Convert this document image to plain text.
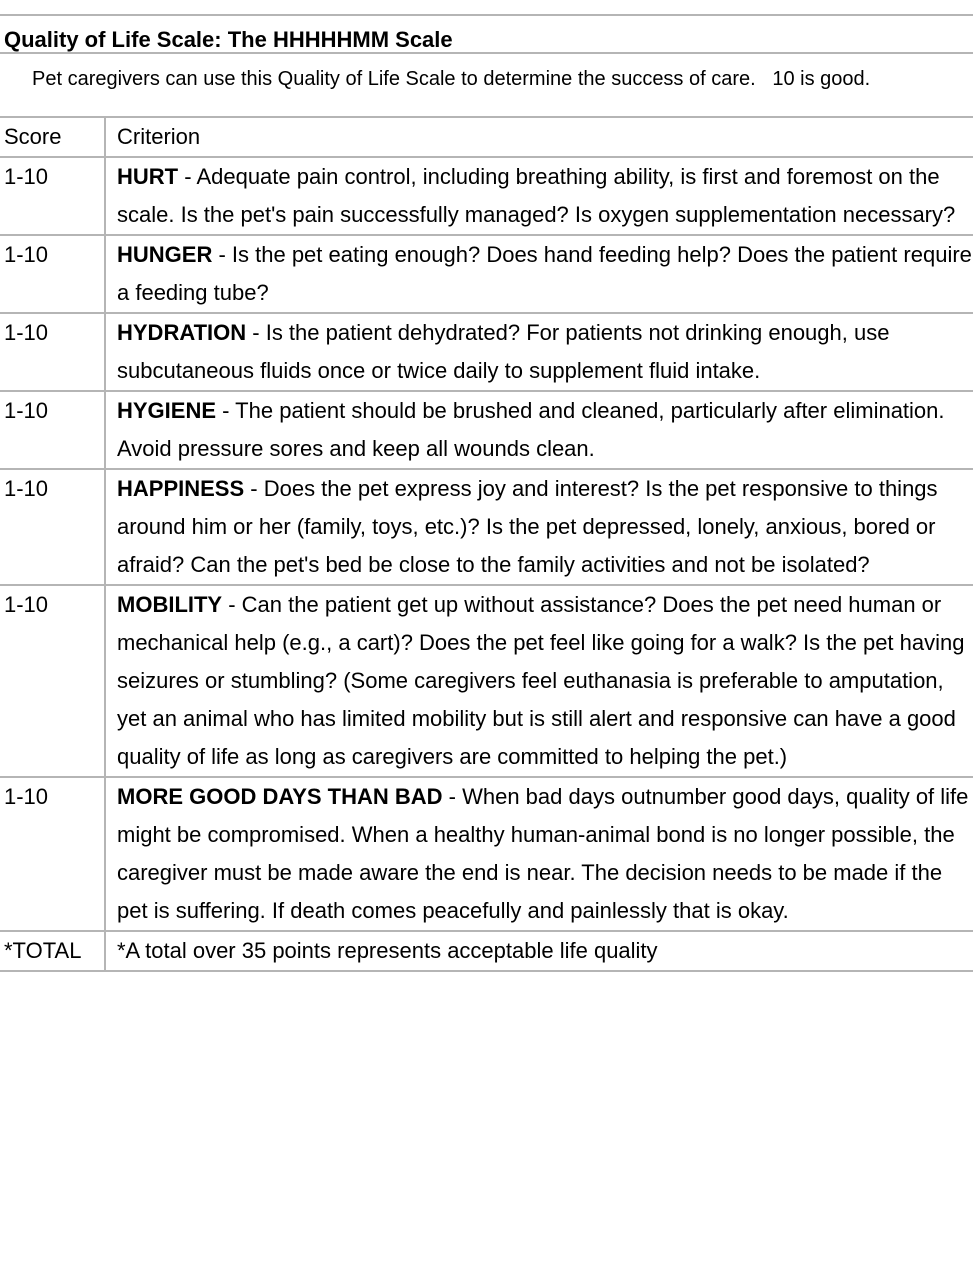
Quality of Life Scale: The HHHHHMM Scale
Pet caregivers can use this Quality of Life Scale to determine the success of care.   10 is good.
Score	Criterion
1-10	HURT - Adequate pain control, including breathing ability, is first and foremost on the scale. Is the pet's pain successfully managed? Is oxygen supplementation necessary?
1-10	HUNGER - Is the pet eating enough? Does hand feeding help? Does the patient require a feeding tube?
1-10	HYDRATION - Is the patient dehydrated? For patients not drinking enough, use subcutaneous fluids once or twice daily to supplement fluid intake.
1-10	HYGIENE - The patient should be brushed and cleaned, particularly after elimination. Avoid pressure sores and keep all wounds clean.
1-10	HAPPINESS - Does the pet express joy and interest? Is the pet responsive to things around him or her (family, toys, etc.)? Is the pet depressed, lonely, anxious, bored or afraid? Can the pet's bed be close to the family activities and not be isolated?
1-10	MOBILITY - Can the patient get up without assistance? Does the pet need human or mechanical help (e.g., a cart)? Does the pet feel like going for a walk? Is the pet having seizures or stumbling? (Some caregivers feel euthanasia is preferable to amputation, yet an animal who has limited mobility but is still alert and responsive can have a good quality of life as long as caregivers are committed to helping the pet.)
1-10	MORE GOOD DAYS THAN BAD - When bad days outnumber good days, quality of life might be compromised. When a healthy human-animal bond is no longer possible, the caregiver must be made aware the end is near. The decision needs to be made if the pet is suffering. If death comes peacefully and painlessly that is okay.
*TOTAL	*A total over 35 points represents acceptable life quality
